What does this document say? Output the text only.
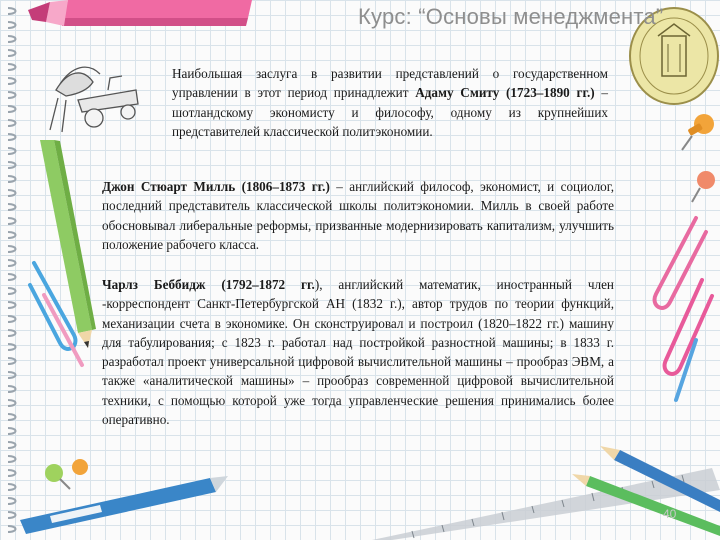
Курс: “Основы менеджмента”

Наибольшая заслуга в развитии представлений о государственном управлении в этот период принадлежит Адаму Смиту (1723–1890 гг.) – шотландскому экономисту и философу, одному из крупнейших представителей классической политэкономии.

Джон Стюарт Милль (1806–1873 гг.) – английский философ, экономист, и социолог, последний представитель классической школы политэкономии. Милль в своей работе обосновывал либеральные реформы, призванные модернизировать капитализм, улучшить положение рабочего класса.

Чарлз Беббидж (1792–1872 гг.), английский математик, иностранный член -корреспондент Санкт-Петербургской АН (1832 г.), автор трудов по теории функций, механизации счета в экономике. Он сконструировал и построил (1820–1822 гг.) машину для табулирования; с 1823 г. работал над постройкой разностной машины; в 1833 г. разработал проект универсальной цифровой вычислительной машины – прообраз ЭВМ, а также «аналитической машины» – прообраз современной цифровой вычислительной техники, с помощью которой уже тогда управленческие решения принимались более оперативно.

40
